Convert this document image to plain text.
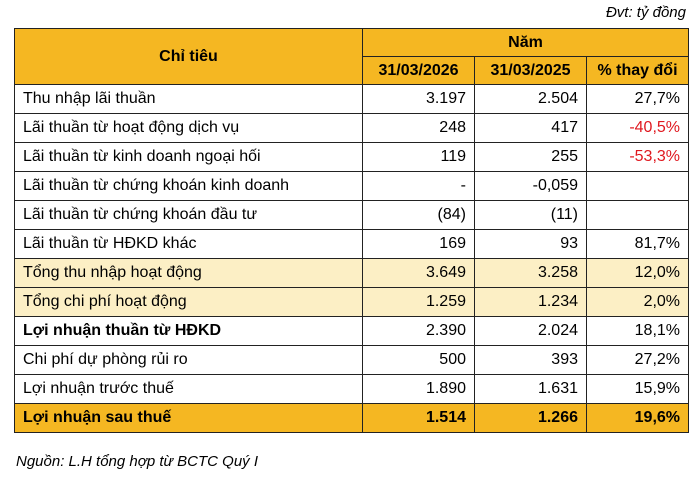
Đvt: tỷ đồng
Chỉ tiêu	Năm		
	31/03/2026	31/03/2025	% thay đổi
Thu nhập lãi thuần	3.197	2.504	27,7%
Lãi thuần từ hoạt động dịch vụ	248	417	-40,5%
Lãi thuần từ kinh doanh ngoại hối	119	255	-53,3%
Lãi thuần từ chứng khoán kinh doanh	-	-0,059	
Lãi thuần từ chứng khoán đầu tư	(84)	(11)	
Lãi thuần từ HĐKD khác	169	93	81,7%
Tổng thu nhập hoạt động	3.649	3.258	12,0%
Tổng chi phí hoạt động	1.259	1.234	2,0%
Lợi nhuận thuần từ HĐKD	2.390	2.024	18,1%
Chi phí dự phòng rủi ro	500	393	27,2%
Lợi nhuận trước thuế	1.890	1.631	15,9%
Lợi nhuận sau thuế	1.514	1.266	19,6%
Nguồn: L.H tổng hợp từ BCTC Quý I
